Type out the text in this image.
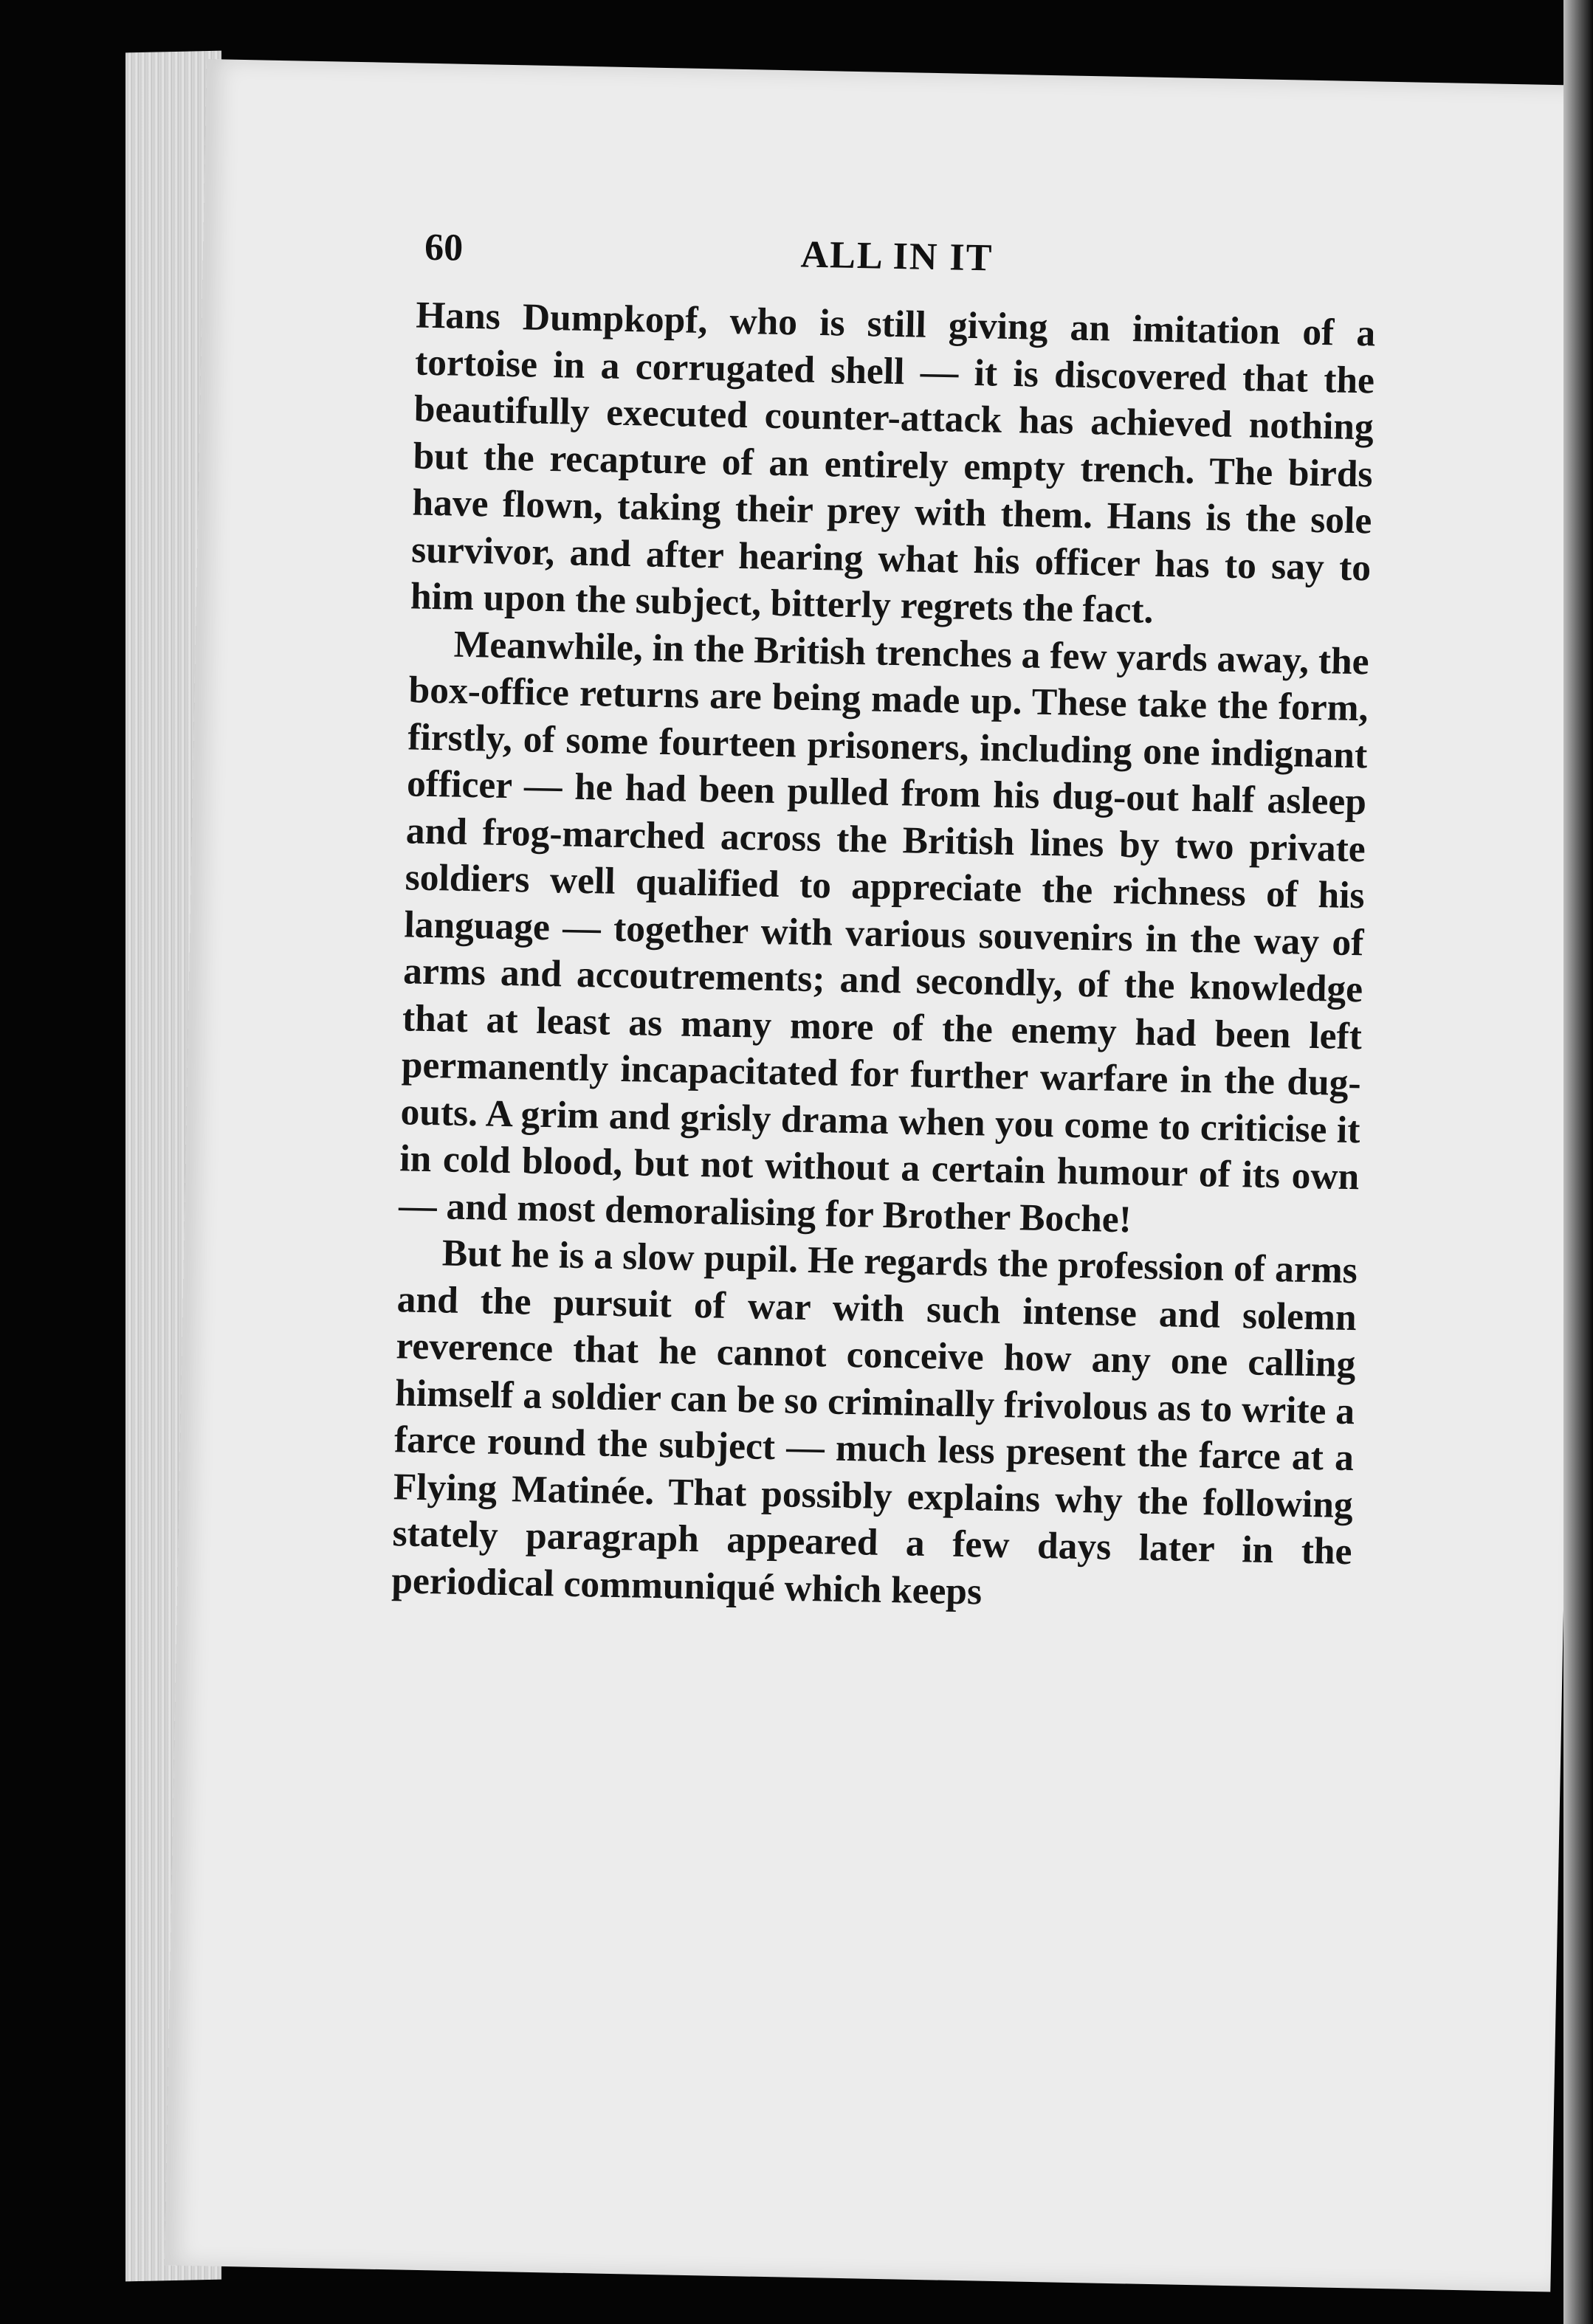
60	ALL IN IT

Hans Dumpkopf, who is still giving an imitation of a tortoise in a corrugated shell — it is discovered that the beautifully executed counter-attack has achieved nothing but the recapture of an entirely empty trench. The birds have flown, taking their prey with them. Hans is the sole survivor, and after hearing what his officer has to say to him upon the subject, bitterly regrets the fact.

Meanwhile, in the British trenches a few yards away, the box-office returns are being made up. These take the form, firstly, of some fourteen prisoners, including one indignant officer — he had been pulled from his dug-out half asleep and frog-marched across the British lines by two private soldiers well qualified to appreciate the richness of his language — together with various souvenirs in the way of arms and accoutrements; and secondly, of the knowledge that at least as many more of the enemy had been left permanently incapacitated for further warfare in the dug-outs. A grim and grisly drama when you come to criticise it in cold blood, but not without a certain humour of its own — and most demoralising for Brother Boche!

But he is a slow pupil. He regards the profession of arms and the pursuit of war with such intense and solemn reverence that he cannot conceive how any one calling himself a soldier can be so criminally frivolous as to write a farce round the subject — much less present the farce at a Flying Matinée. That possibly explains why the following stately paragraph appeared a few days later in the periodical communiqué which keeps
